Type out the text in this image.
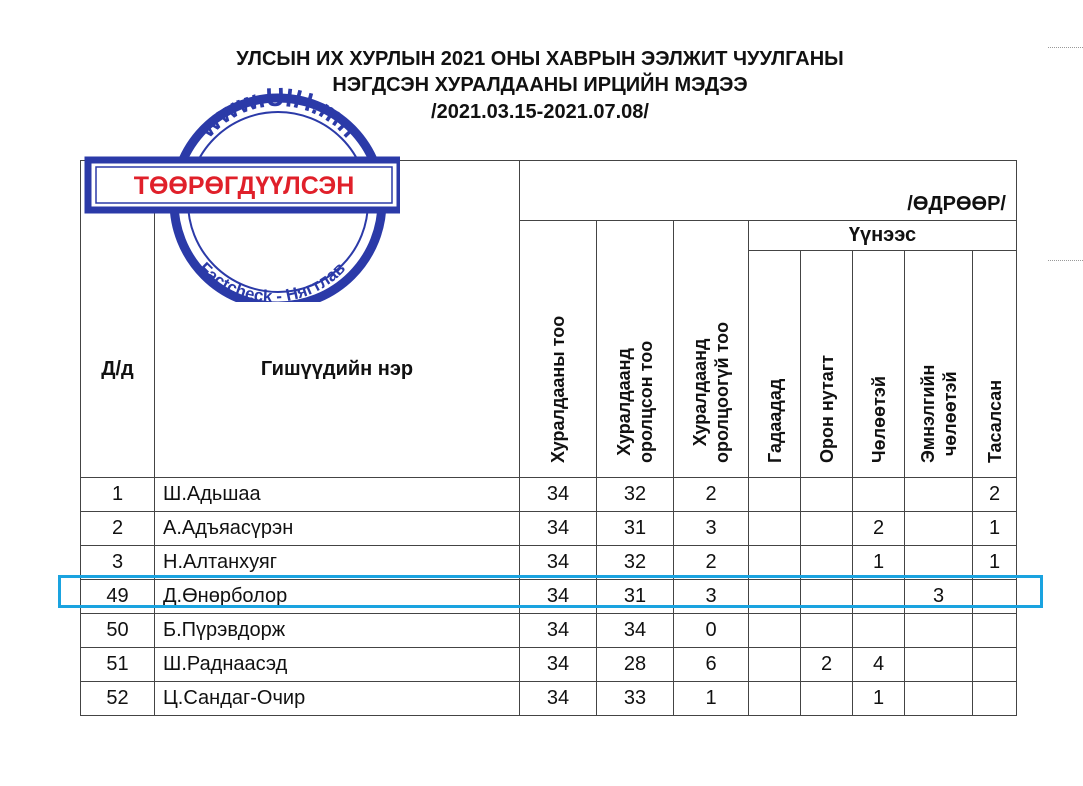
УЛСЫН ИХ ХУРЛЫН 2021 ОНЫ ХАВРЫН ЭЭЛЖИТ ЧУУЛГАНЫ
НЭГДСЭН ХУРАЛДААНЫ ИРЦИЙН МЭДЭЭ
/2021.03.15-2021.07.08/
Д/д	Гишүүдийн нэр	/ӨДРӨӨР/							

		Хуралдааны тоо	Хуралдаанд оролцсон тоо	Хуралдаанд оролцоогүй тоо	Үүнээс				

					Гадаадад	Орон нутагт	Чөлөөтэй	Эмнэлгийн чөлөөтэй	Тасалсан

1	Ш.Адьшаа	34	32	2					2
2	А.Адъяасүрэн	34	31	3			2		1
3	Н.Алтанхуяг	34	32	2			1		1
49	Д.Өнөрболор	34	31	3				3	
50	Б.Пүрэвдорж	34	34	0					
51	Ш.Раднаасэд	34	28	6		2	4		
52	Ц.Сандаг-Очир	34	33	1			1		
www.UIH.mn
Factcheck - Нягтлав
ТӨӨРӨГДҮҮЛСЭН
